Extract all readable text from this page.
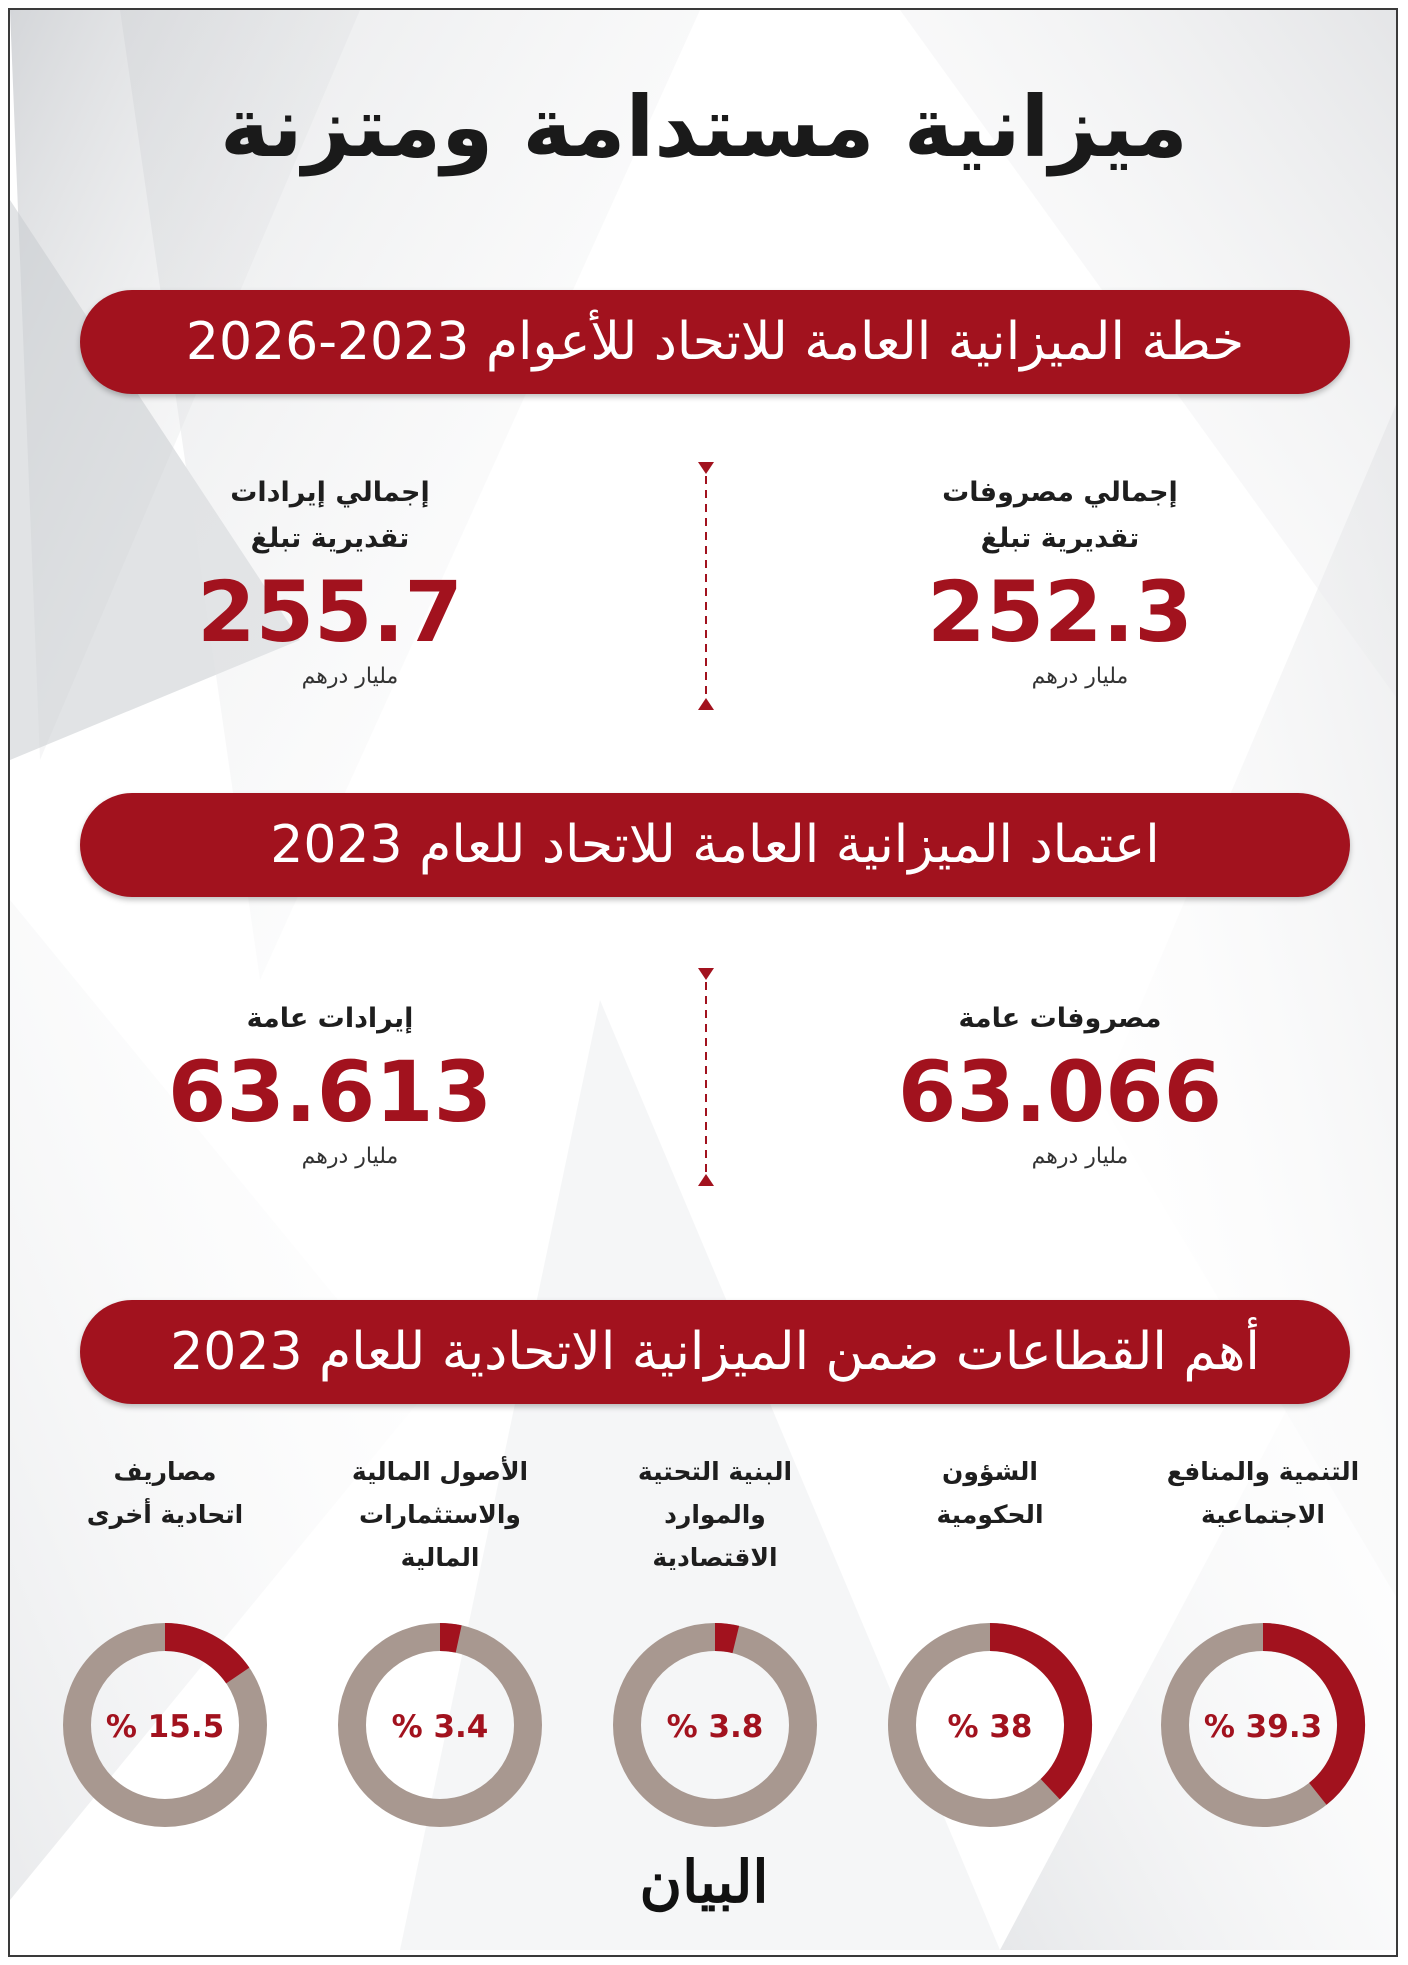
ميزانية مستدامة ومتزنة
خطة الميزانية العامة للاتحاد للأعوام 2023-2026
إجمالي مصروفات
تقديرية تبلغ
252.3
مليار درهم
إجمالي إيرادات
تقديرية تبلغ
255.7
مليار درهم
اعتماد الميزانية العامة للاتحاد للعام 2023
مصروفات عامة
63.066
مليار درهم
إيرادات عامة
63.613
مليار درهم
أهم القطاعات ضمن الميزانية الاتحادية للعام 2023
التنمية والمنافع
الاجتماعية
% 39.3
الشؤون
الحكومية
% 38
البنية التحتية
والموارد
الاقتصادية
% 3.8
الأصول المالية
والاستثمارات
المالية
% 3.4
مصاريف
اتحادية أخرى
% 15.5
البيان
